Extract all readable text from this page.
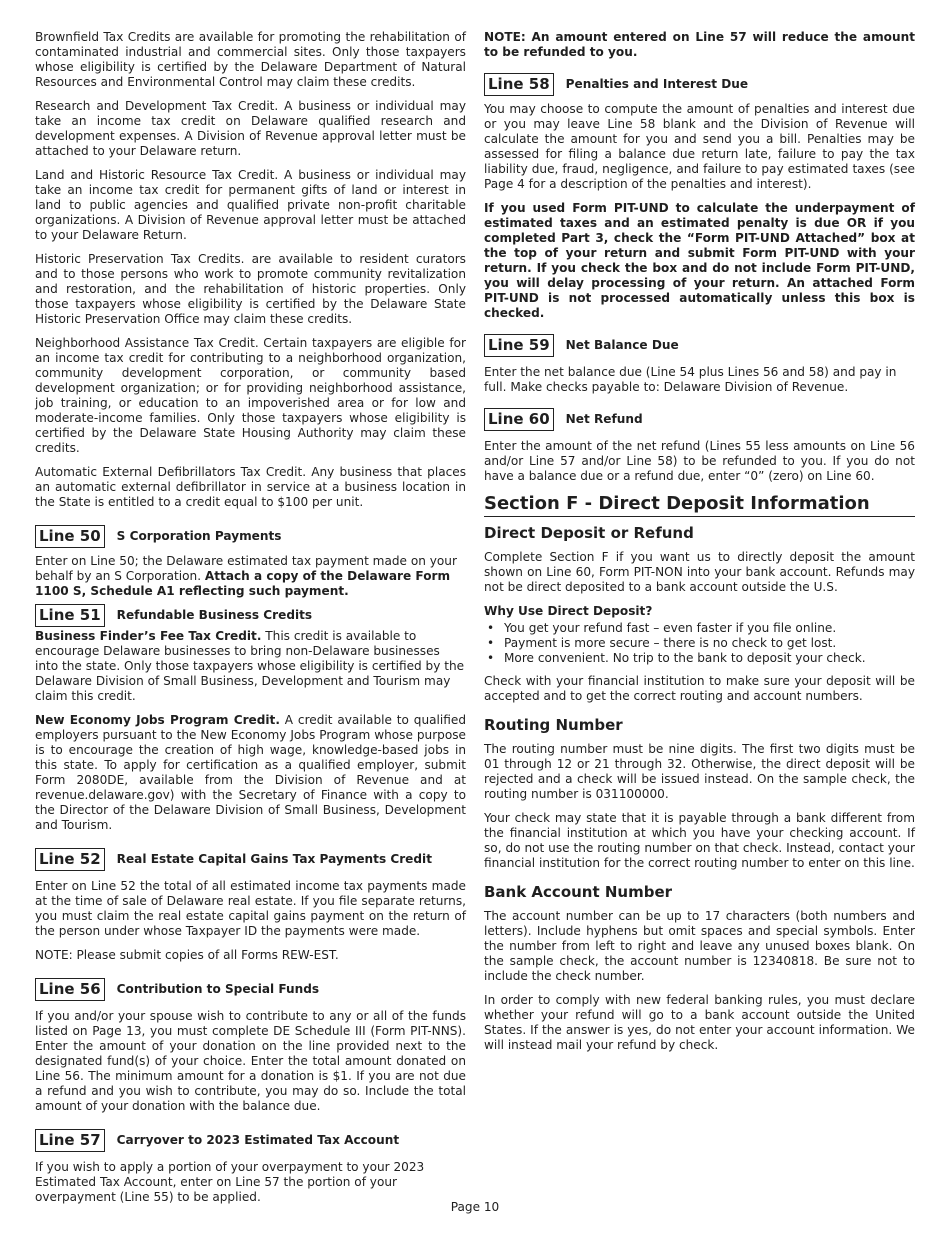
Brownfield Tax Credits are available for promoting the rehabilitation of contaminated industrial and commercial sites. Only those taxpayers whose eligibility is certified by the Delaware Department of Natural Resources and Environmental Control may claim these credits.

Research and Development Tax Credit. A business or individual may take an income tax credit on Delaware qualified research and development expenses. A Division of Revenue approval letter must be attached to your Delaware return.

Land and Historic Resource Tax Credit. A business or individual may take an income tax credit for permanent gifts of land or interest in land to public agencies and qualified private non-profit charitable organizations. A Division of Revenue approval letter must be attached to your Delaware Return.

Historic Preservation Tax Credits. are available to resident curators and to those persons who work to promote community revitalization and restoration, and the rehabilitation of historic properties. Only those taxpayers whose eligibility is certified by the Delaware State Historic Preservation Office may claim these credits.

Neighborhood Assistance Tax Credit. Certain taxpayers are eligible for an income tax credit for contributing to a neighborhood organization, community development corporation, or community based development organization; or for providing neighborhood assistance, job training, or education to an impoverished area or for low and moderate-income families. Only those taxpayers whose eligibility is certified by the Delaware State Housing Authority may claim these credits.

Automatic External Defibrillators Tax Credit. Any business that places an automatic external defibrillator in service at a business location in the State is entitled to a credit equal to $100 per unit.

Line 50	S Corporation Payments

Enter on Line 50; the Delaware estimated tax payment made on your behalf by an S Corporation. Attach a copy of the Delaware Form 1100 S, Schedule A1 reflecting such payment.

Line 51	Refundable Business Credits

Business Finder’s Fee Tax Credit. This credit is available to encourage Delaware businesses to bring non-Delaware businesses into the state. Only those taxpayers whose eligibility is certified by the Delaware Division of Small Business, Development and Tourism may claim this credit.

New Economy Jobs Program Credit. A credit available to qualified employers pursuant to the New Economy Jobs Program whose purpose is to encourage the creation of high wage, knowledge-based jobs in this state. To apply for certification as a qualified employer, submit Form 2080DE, available from the Division of Revenue and at revenue.delaware.gov) with the Secretary of Finance with a copy to the Director of the Delaware Division of Small Business, Development and Tourism.

Line 52	Real Estate Capital Gains Tax Payments Credit

Enter on Line 52 the total of all estimated income tax payments made at the time of sale of Delaware real estate. If you file separate returns, you must claim the real estate capital gains payment on the return of the person under whose Taxpayer ID the payments were made.

NOTE: Please submit copies of all Forms REW-EST.

Line 56	Contribution to Special Funds

If you and/or your spouse wish to contribute to any or all of the funds listed on Page 13, you must complete DE Schedule III (Form PIT-NNS). Enter the amount of your donation on the line provided next to the designated fund(s) of your choice. Enter the total amount donated on Line 56. The minimum amount for a donation is $1. If you are not due a refund and you wish to contribute, you may do so. Include the total amount of your donation with the balance due.

Line 57	Carryover to 2023 Estimated Tax Account

If you wish to apply a portion of your overpayment to your 2023 Estimated Tax Account, enter on Line 57 the portion of your overpayment (Line 55) to be applied.

NOTE: An amount entered on Line 57 will reduce the amount to be refunded to you.

Line 58	Penalties and Interest Due

You may choose to compute the amount of penalties and interest due or you may leave Line 58 blank and the Division of Revenue will calculate the amount for you and send you a bill. Penalties may be assessed for filing a balance due return late, failure to pay the tax liability due, fraud, negligence, and failure to pay estimated taxes (see Page 4 for a description of the penalties and interest).

If you used Form PIT-UND to calculate the underpayment of estimated taxes and an estimated penalty is due OR if you completed Part 3, check the “Form PIT-UND Attached” box at the top of your return and submit Form PIT-UND with your return. If you check the box and do not include Form PIT-UND, you will delay processing of your return. An attached Form PIT-UND is not processed automatically unless this box is checked.

Line 59	Net Balance Due

Enter the net balance due (Line 54 plus Lines 56 and 58) and pay in full. Make checks payable to: Delaware Division of Revenue.

Line 60	Net Refund

Enter the amount of the net refund (Lines 55 less amounts on Line 56 and/or Line 57 and/or Line 58) to be refunded to you. If you do not have a balance due or a refund due, enter “0” (zero) on Line 60.

Section F - Direct Deposit Information
Direct Deposit or Refund

Complete Section F if you want us to directly deposit the amount shown on Line 60, Form PIT-NON into your bank account. Refunds may not be direct deposited to a bank account outside the U.S.

Why Use Direct Deposit?
• You get your refund fast – even faster if you file online.
• Payment is more secure – there is no check to get lost.
• More convenient. No trip to the bank to deposit your check.

Check with your financial institution to make sure your deposit will be accepted and to get the correct routing and account numbers.

Routing Number

The routing number must be nine digits. The first two digits must be 01 through 12 or 21 through 32. Otherwise, the direct deposit will be rejected and a check will be issued instead. On the sample check, the routing number is 031100000.

Your check may state that it is payable through a bank different from the financial institution at which you have your checking account. If so, do not use the routing number on that check. Instead, contact your financial institution for the correct routing number to enter on this line.

Bank Account Number

The account number can be up to 17 characters (both numbers and letters). Include hyphens but omit spaces and special symbols. Enter the number from left to right and leave any unused boxes blank. On the sample check, the account number is 12340818. Be sure not to include the check number.

In order to comply with new federal banking rules, you must declare whether your refund will go to a bank account outside the United States. If the answer is yes, do not enter your account information. We will instead mail your refund by check.

Page 10
